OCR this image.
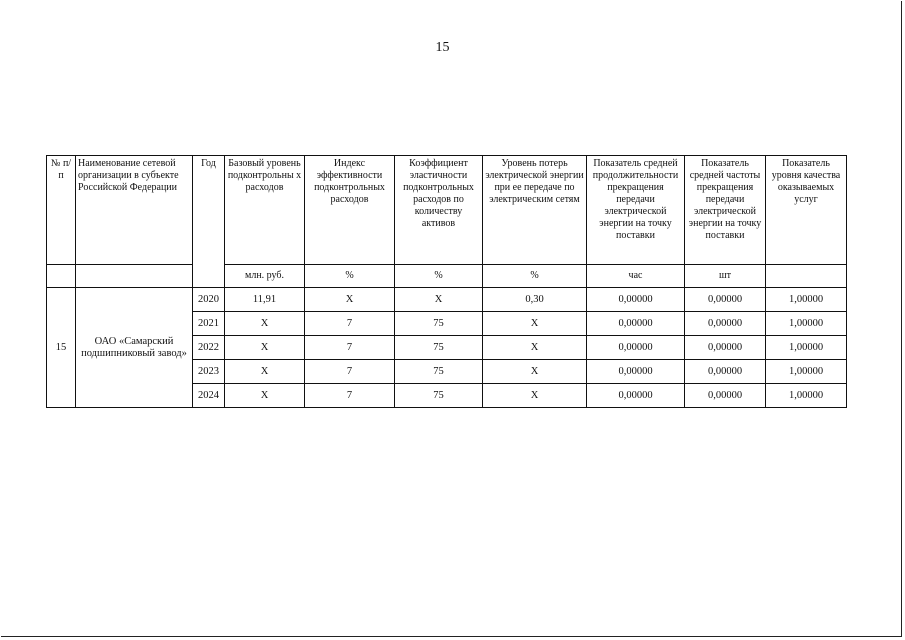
15
№ п/п	Наименование сетевой организации в субъекте Российской Федерации	Год	Базовый уровень подконтрольны х расходов	Индекс эффективности подконтрольных расходов	Коэффициент эластичности подконтрольных расходов по количеству активов	Уровень потерь электрической энергии при ее передаче по электрическим сетям	Показатель средней продолжительности прекращения передачи электрической энергии на точку поставки	Показатель средней частоты прекращения передачи электрической энергии на точку поставки	Показатель уровня качества оказываемых услуг
			млн. руб.	%	%	%	час	шт	
15	ОАО «Самарский подшипниковый завод»	2020	11,91	Х	Х	0,30	0,00000	0,00000	1,00000
		2021	Х	7	75	Х	0,00000	0,00000	1,00000
		2022	Х	7	75	Х	0,00000	0,00000	1,00000
		2023	Х	7	75	Х	0,00000	0,00000	1,00000
		2024	Х	7	75	Х	0,00000	0,00000	1,00000
